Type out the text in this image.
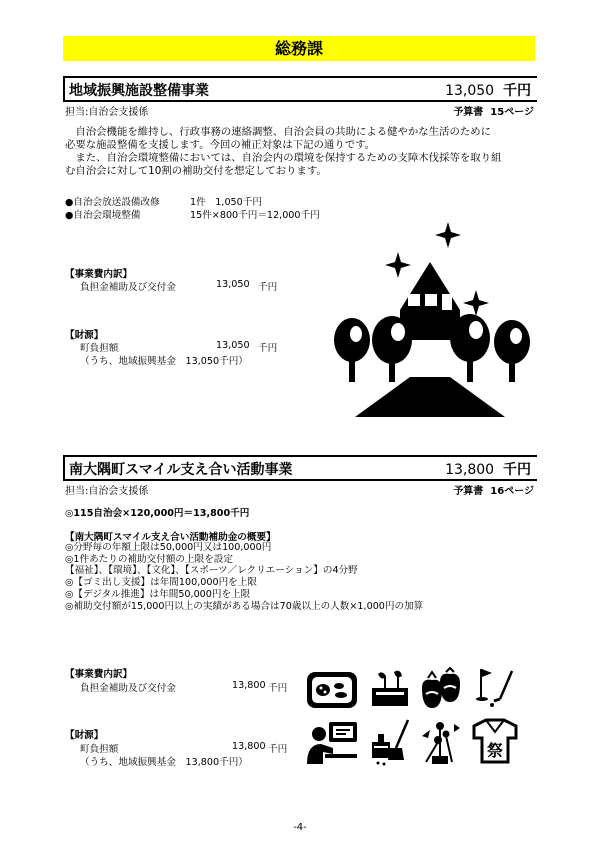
総務課
地域振興施設整備事業	13,050 千円
担当:自治会支援係	予算書 15ページ
　自治会機能を維持し、行政事務の連絡調整、自治会員の共助による健やかな生活のために
必要な施設整備を支援します。今回の補正対象は下記の通りです。
　また、自治会環境整備においては、自治会内の環境を保持するための支障木伐採等を取り組
む自治会に対して10割の補助交付を想定しております。
●自治会放送設備改修	1件　1,050千円
●自治会環境整備	15件×800千円＝12,000千円
【事業費内訳】
負担金補助及び交付金	13,050 千円
【財源】
町負担額	13,050 千円
（うち、地域振興基金　13,050千円）
南大隅町スマイル支え合い活動事業	13,800 千円
担当:自治会支援係	予算書 16ページ
◎115自治会×120,000円＝13,800千円
【南大隅町スマイル支え合い活動補助金の概要】
◎分野毎の年額上限は50,000円又は100,000円
◎1件あたりの補助交付額の上限を設定
【福祉】、【環境】、【文化】、【スポーツ／レクリエーション】の4分野
◎【ゴミ出し支援】は年間100,000円を上限
◎【デジタル推進】は年間50,000円を上限
◎補助交付額が15,000円以上の実績がある場合は70歳以上の人数×1,000円の加算
【事業費内訳】
負担金補助及び交付金	13,800 千円
【財源】
町負担額	13,800 千円
（うち、地域振興基金　13,800千円）
祭
-4-
